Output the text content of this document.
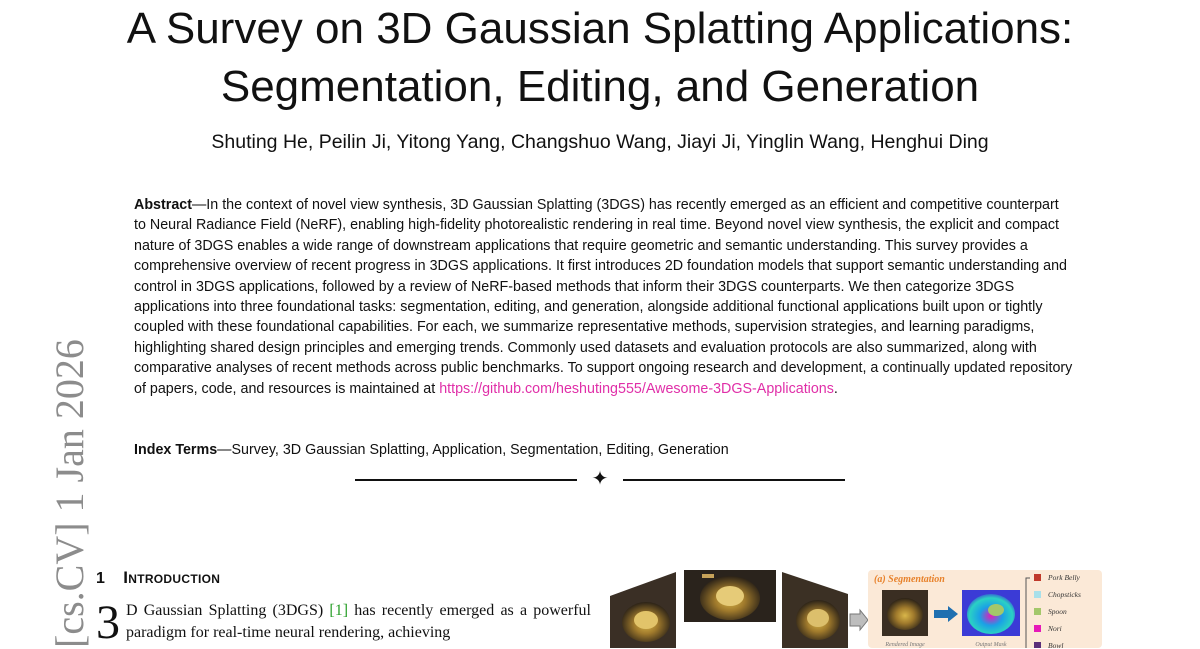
A Survey on 3D Gaussian Splatting Applications:
Segmentation, Editing, and Generation
Shuting He, Peilin Ji, Yitong Yang, Changshuo Wang, Jiayi Ji, Yinglin Wang, Henghui Ding
Abstract—In the context of novel view synthesis, 3D Gaussian Splatting (3DGS) has recently emerged as an efficient and competitive counterpart to Neural Radiance Field (NeRF), enabling high-fidelity photorealistic rendering in real time. Beyond novel view synthesis, the explicit and compact nature of 3DGS enables a wide range of downstream applications that require geometric and semantic understanding. This survey provides a comprehensive overview of recent progress in 3DGS applications. It first introduces 2D foundation models that support semantic understanding and control in 3DGS applications, followed by a review of NeRF-based methods that inform their 3DGS counterparts. We then categorize 3DGS applications into three foundational tasks: segmentation, editing, and generation, alongside additional functional applications built upon or tightly coupled with these foundational capabilities. For each, we summarize representative methods, supervision strategies, and learning paradigms, highlighting shared design principles and emerging trends. Commonly used datasets and evaluation protocols are also summarized, along with comparative analyses of recent methods across public benchmarks. To support ongoing research and development, a continually updated repository of papers, code, and resources is maintained at https://github.com/heshuting555/Awesome-3DGS-Applications.
Index Terms—Survey, 3D Gaussian Splatting, Application, Segmentation, Editing, Generation
✦
[cs.CV] 1 Jan 2026 1 Introduction
3 D Gaussian Splatting (3DGS) [1] has recently emerged as a powerful paradigm for real-time neural rendering, achieving
(a) Segmentation
Rendered Image	Output Mask
Pork Belly
Chopsticks
Spoon
Nori
Bowl
